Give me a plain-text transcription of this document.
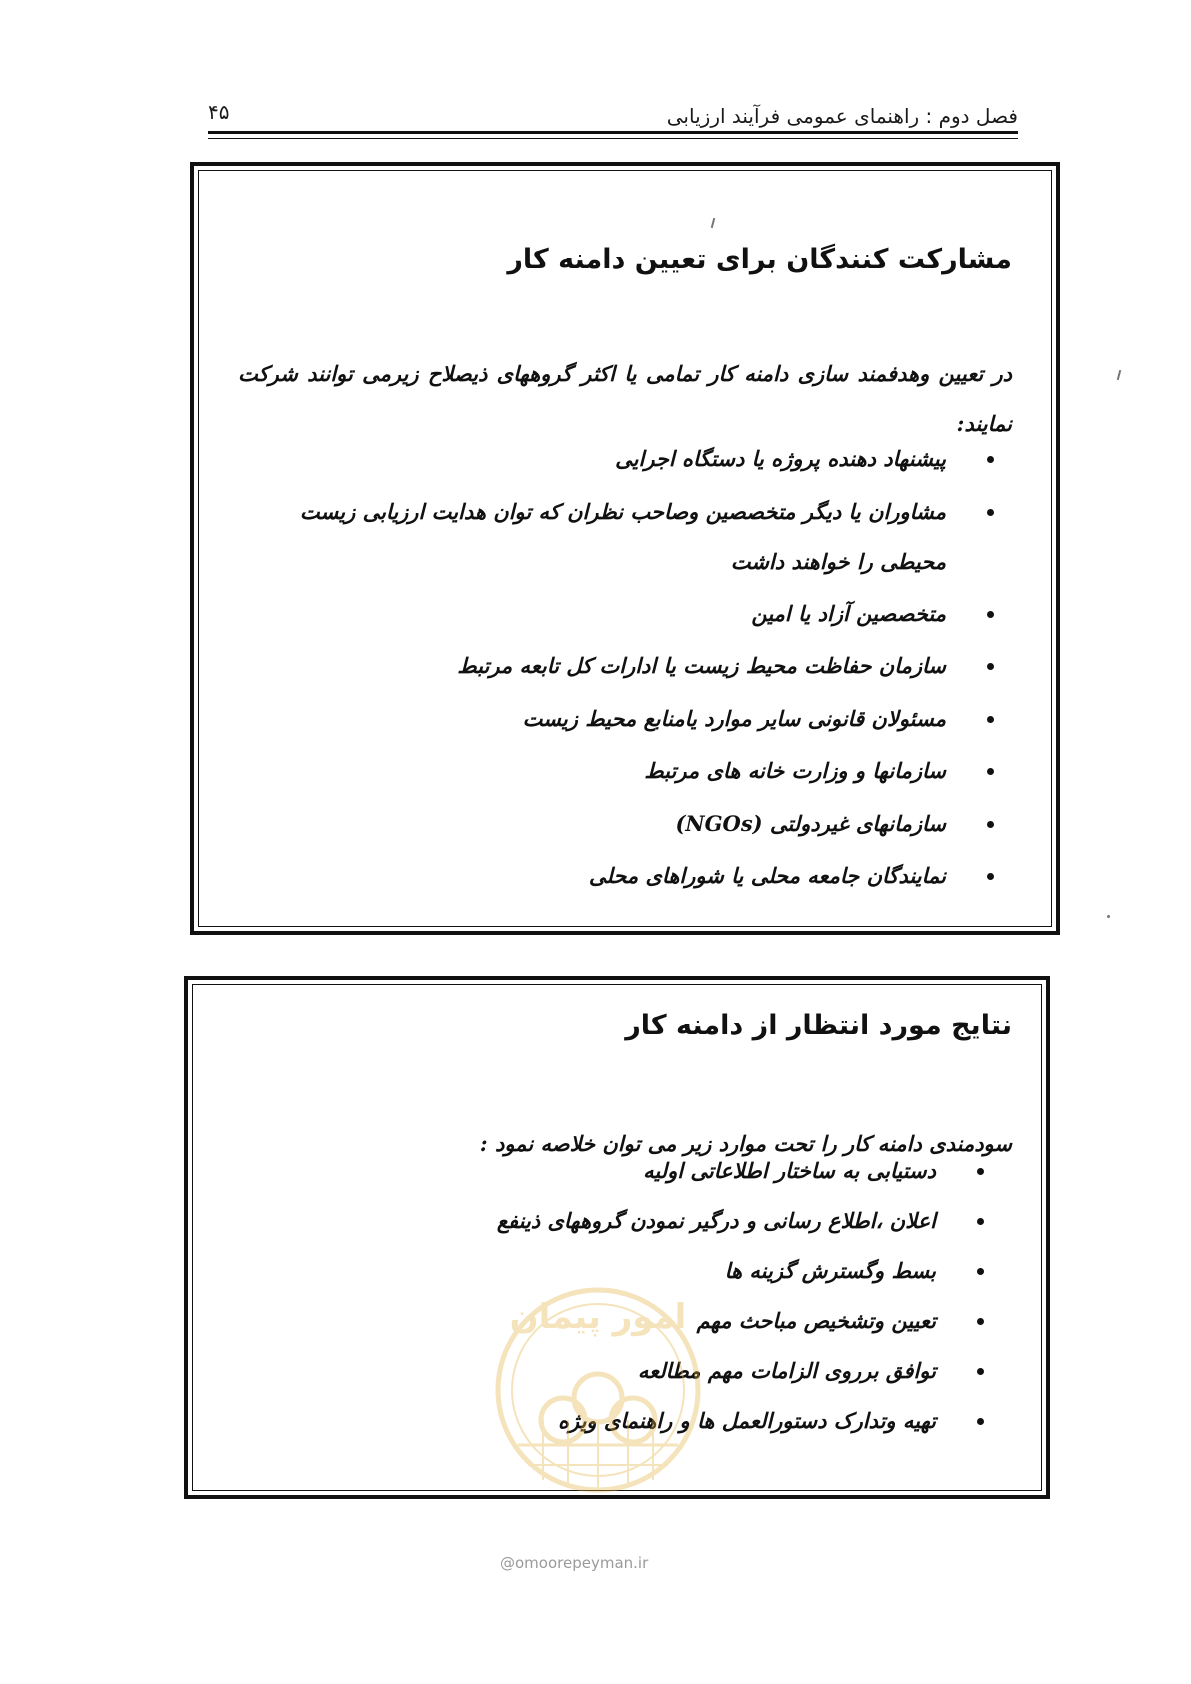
فصل دوم : راهنمای عمومی فرآیند ارزیابی
۴۵
مشارکت کنندگان برای تعیین دامنه کار

در تعیین وهدفمند سازی دامنه کار تمامی یا اکثر گروههای ذیصلاح زیرمی توانند شرکت نمایند:

پیشنهاد دهنده پروژه یا دستگاه اجرایی
مشاوران یا دیگر متخصصین وصاحب نظران که توان هدایت ارزیابی زیست محیطی را خواهند داشت
متخصصین آزاد یا امین
سازمان حفاظت محیط زیست یا ادارات کل تابعه مرتبط
مسئولان قانونی سایر موارد یامنابع محیط زیست
سازمانها و وزارت خانه های مرتبط
سازمانهای غیردولتی (NGOs)
نمایندگان جامعه محلی یا شوراهای محلی
نتایج مورد انتظار از دامنه کار

سودمندی دامنه کار را تحت موارد زیر می توان خلاصه نمود :

دستیابی به ساختار اطلاعاتی اولیه
اعلان ،اطلاع رسانی و درگیر نمودن گروههای ذینفع
بسط وگسترش گزینه ها
تعیین وتشخیص مباحث مهم
توافق برروی الزامات مهم مطالعه
تهیه وتدارک دستورالعمل ها و راهنمای ویژه
امور پیمان
@omoorepeyman.ir
